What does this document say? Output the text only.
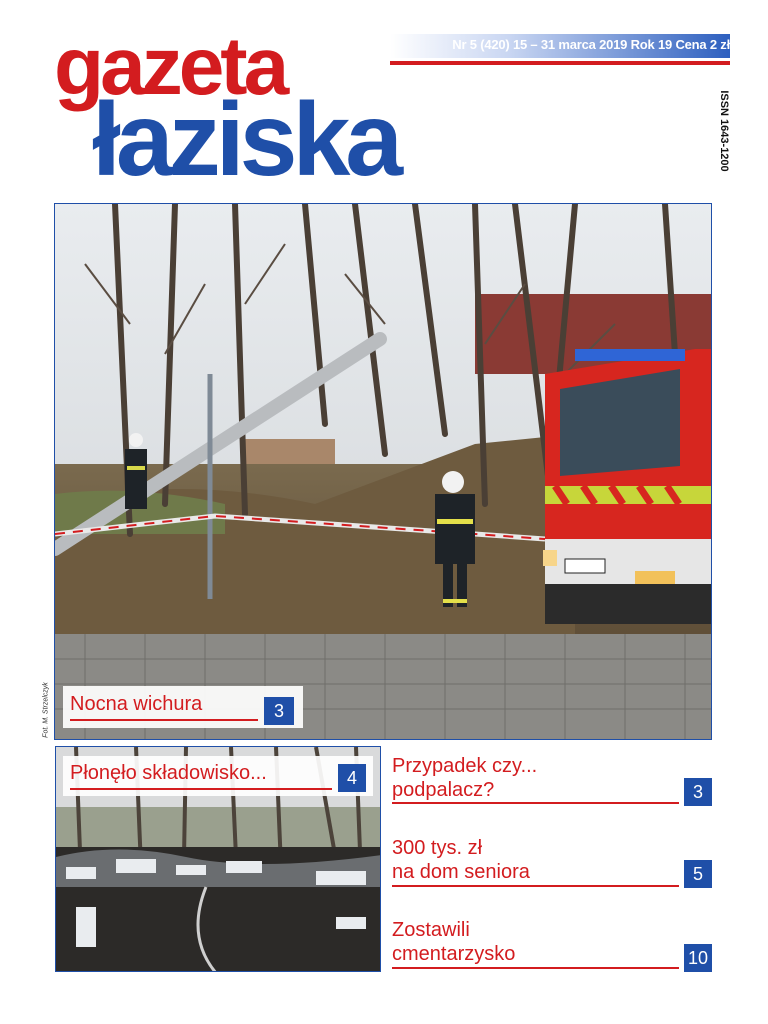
Nr 5 (420) 15 – 31 marca 2019 Rok 19 Cena 2 zł
gazeta
łaziska	ISSN 1643-1200
Fot. M. Strzelczyk Nocna wichura	3
Płonęło składowisko...	4
Przypadek czy...
podpalacz?	3
300 tys. zł
na dom seniora	5
Zostawili
cmentarzysko	10
